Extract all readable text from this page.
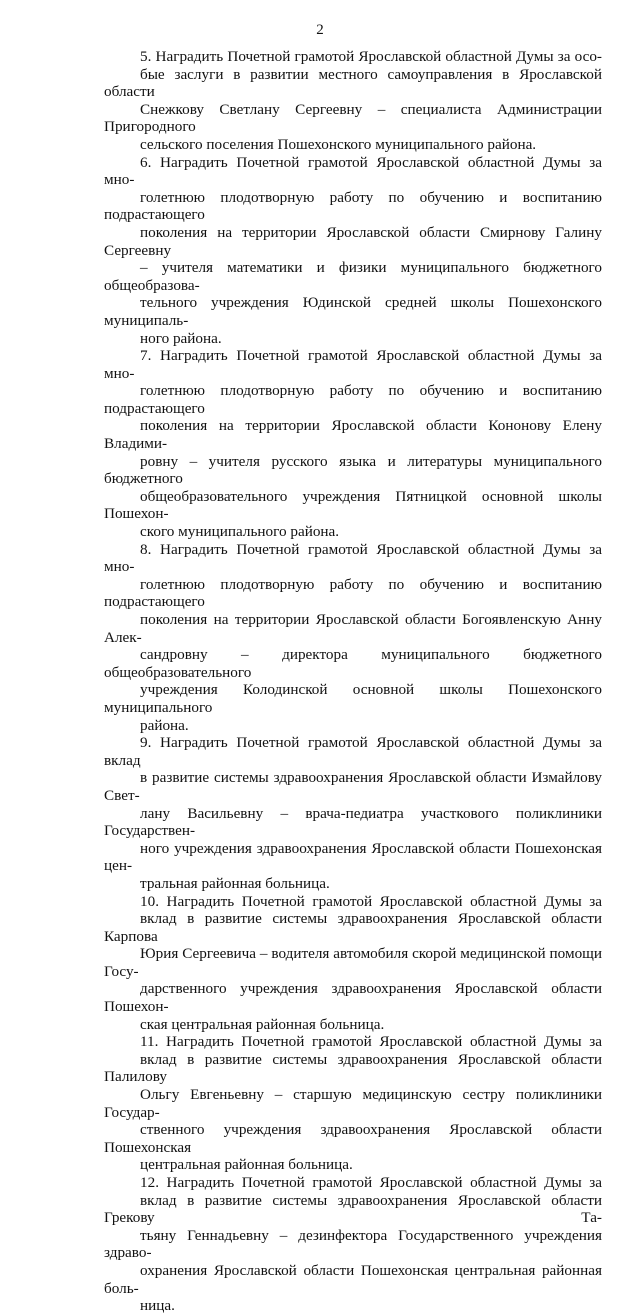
2

5. Наградить Почетной грамотой Ярославской областной Думы за осо-
бые заслуги в развитии местного самоуправления в Ярославской области
Снежкову Светлану Сергеевну – специалиста Администрации Пригородного
сельского поселения Пошехонского муниципального района.

6. Наградить Почетной грамотой Ярославской областной Думы за мно-
голетнюю плодотворную работу по обучению и воспитанию подрастающего
поколения на территории Ярославской области Смирнову Галину Сергеевну
– учителя математики и физики муниципального бюджетного общеобразова-
тельного учреждения Юдинской средней школы Пошехонского муниципаль-
ного района.

7. Наградить Почетной грамотой Ярославской областной Думы за мно-
голетнюю плодотворную работу по обучению и воспитанию подрастающего
поколения на территории Ярославской области Кононову Елену Владими-
ровну – учителя русского языка и литературы муниципального бюджетного
общеобразовательного учреждения Пятницкой основной школы Пошехон-
ского муниципального района.

8. Наградить Почетной грамотой Ярославской областной Думы за мно-
голетнюю плодотворную работу по обучению и воспитанию подрастающего
поколения на территории Ярославской области Богоявленскую Анну Алек-
сандровну – директора муниципального бюджетного общеобразовательного
учреждения Колодинской основной школы Пошехонского муниципального
района.

9. Наградить Почетной грамотой Ярославской областной Думы за вклад
в развитие системы здравоохранения Ярославской области Измайлову Свет-
лану Васильевну – врача-педиатра участкового поликлиники Государствен-
ного учреждения здравоохранения Ярославской области Пошехонская цен-
тральная районная больница.

10. Наградить Почетной грамотой Ярославской областной Думы за
вклад в развитие системы здравоохранения Ярославской области Карпова
Юрия Сергеевича – водителя автомобиля скорой медицинской помощи Госу-
дарственного учреждения здравоохранения Ярославской области Пошехон-
ская центральная районная больница.

11. Наградить Почетной грамотой Ярославской областной Думы за
вклад в развитие системы здравоохранения Ярославской области Палилову
Ольгу Евгеньевну – старшую медицинскую сестру поликлиники Государ-
ственного учреждения здравоохранения Ярославской области Пошехонская
центральная районная больница.

12. Наградить Почетной грамотой Ярославской областной Думы за
вклад в развитие системы здравоохранения Ярославской области Грекову Та-
тьяну Геннадьевну – дезинфектора Государственного учреждения здраво-
охранения Ярославской области Пошехонская центральная районная боль-
ница.
